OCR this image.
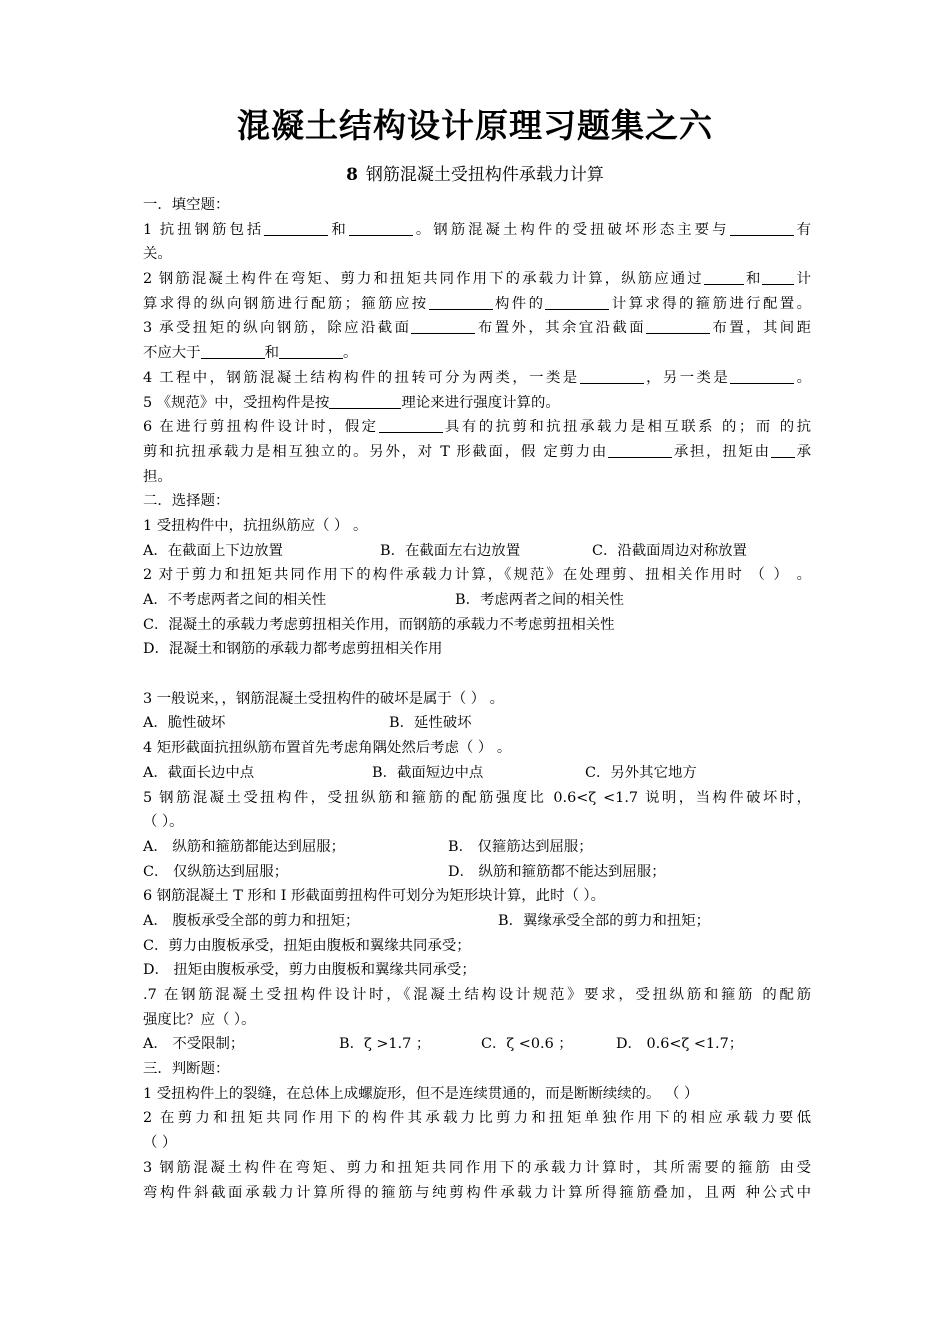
混凝土结构设计原理习题集之六
8 钢筋混凝土受扭构件承载力计算
一．填空题：
1 抗扭钢筋包括	和	。钢筋混凝土构件的受扭破坏形态主要与	有
关。
2 钢筋混凝土构件在弯矩、剪力和扭矩共同作用下的承载力计算，纵筋应通过	和 计
算求得的纵向钢筋进行配筋；箍筋应按	构件的	计算求得的箍筋进行配置。
3 承受扭矩的纵向钢筋，除应沿截面	布置外，其余宜沿截面	布置，其间距
不应大于	和	。
4 工程中，钢筋混凝土结构构件的扭转可分为两类，一类是	，另一类是	。
5 《规范》中，受扭构件是按	理论来进行强度计算的。
6 在进行剪扭构件设计时，假定	具有的抗剪和抗扭承载力是相互联系 的；而 的抗
剪和抗扭承载力是相互独立的。另外，对 T 形截面，假 定剪力由	承担，扭矩由 承
担。
二．选择题：
1 受扭构件中，抗扭纵筋应（ ） 。
A．在截面上下边放置	B．在截面左右边放置	C．沿截面周边对称放置
2 对于剪力和扭矩共同作用下的构件承载力计算，《规范》在处理剪、扭相关作用时 （ ） 。
A．不考虑两者之间的相关性	B．考虑两者之间的相关性
C．混凝土的承载力考虑剪扭相关作用，而钢筋的承载力不考虑剪扭相关性
D．混凝土和钢筋的承载力都考虑剪扭相关作用
3 一般说来，，钢筋混凝土受扭构件的破坏是属于（ ） 。
A．脆性破坏	B．延性破坏
4 矩形截面抗扭纵筋布置首先考虑角隅处然后考虑（ ） 。
A．截面长边中点	B．截面短边中点	C．另外其它地方
5 钢筋混凝土受扭构件，受扭纵筋和箍筋的配筋强度比 0.6<ζ <1.7 说明，当构件破坏时，
（ ）。
A． 纵筋和箍筋都能达到屈服；	B． 仅箍筋达到屈服；
C． 仅纵筋达到屈服；	D． 纵筋和箍筋都不能达到屈服；
6 钢筋混凝土 T 形和 I 形截面剪扭构件可划分为矩形块计算，此时（ ）。
A． 腹板承受全部的剪力和扭矩；	B．翼缘承受全部的剪力和扭矩；
C．剪力由腹板承受，扭矩由腹板和翼缘共同承受；
D． 扭矩由腹板承受，剪力由腹板和翼缘共同承受；
.7 在钢筋混凝土受扭构件设计时，《混凝土结构设计规范》要求，受扭纵筋和箍筋 的配筋
强度比？应（ ）。
A． 不受限制；	B．ζ >1.7 ；	C．ζ <0.6 ；	D． 0.6<ζ <1.7；
三．判断题：
1 受扭构件上的裂缝，在总体上成螺旋形，但不是连续贯通的，而是断断续续的。 （ ）
2 在剪力和扭矩共同作用下的构件其承载力比剪力和扭矩单独作用下的相应承载力要低
（ ）
3 钢筋混凝土构件在弯矩、剪力和扭矩共同作用下的承载力计算时，其所需要的箍筋 由受
弯构件斜截面承载力计算所得的箍筋与纯剪构件承载力计算所得箍筋叠加，且两 种公式中
